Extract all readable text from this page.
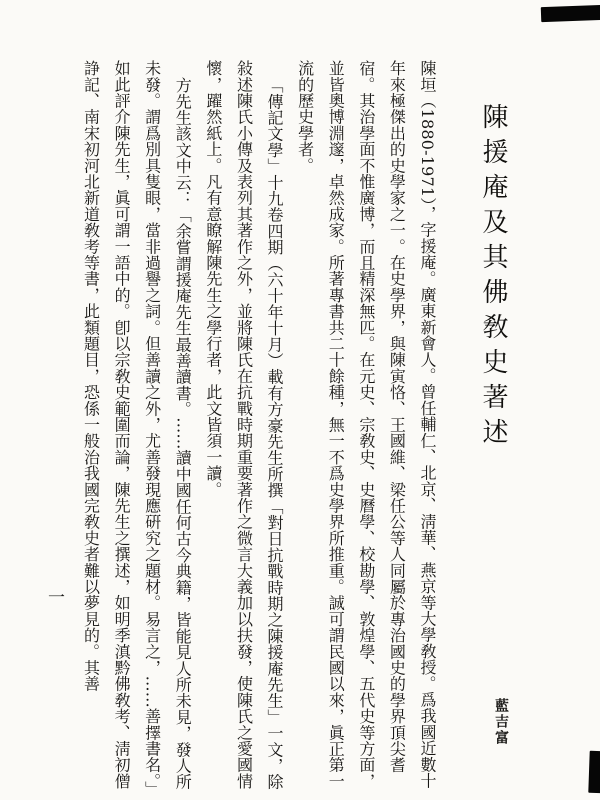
陳援庵及其佛敎史著述

陳垣（1880-1971），字援庵。廣東新會人。曾任輔仁、北京、淸華、燕京等大學敎授。爲我國近數十年來極傑出的史學家之一。在史學界，與陳寅恪、王國維、梁任公等人同屬於專治國史的學界頂尖耆宿。其治學面不惟廣博，而且精深無匹。在元史、宗敎史、史曆學、校勘學、敦煌學、五代史等方面，並皆奧博淵邃，卓然成家。所著專書共二十餘種，無一不爲史學界所推重。誠可謂民國以來，眞正第一流的歷史學者。

「傳記文學」十九卷四期（六十年十月）載有方豪先生所撰「對日抗戰時期之陳援庵先生」一文，除敍述陳氏小傳及表列其著作之外，並將陳氏在抗戰時期重要著作之微言大義加以扶發，使陳氏之愛國情懷，躍然紙上。凡有意瞭解陳先生之學行者，此文皆須一讀。

方先生該文中云：「余嘗謂援庵先生最善讀書。……讀中國任何古今典籍，皆能見人所未見，發人所未發。謂爲別具隻眼，當非過譽之詞。但善讀之外，尤善發現應硏究之題材。易言之，……善擇書名。」如此評介陳先生，眞可謂一語中的。卽以宗敎史範圍而論，陳先生之撰述，如明季滇黔佛敎考、淸初僧諍記、南宋初河北新道敎考等書，此類題目，恐係一般治我國完敎史者難以夢見的。其善

藍吉富
一
